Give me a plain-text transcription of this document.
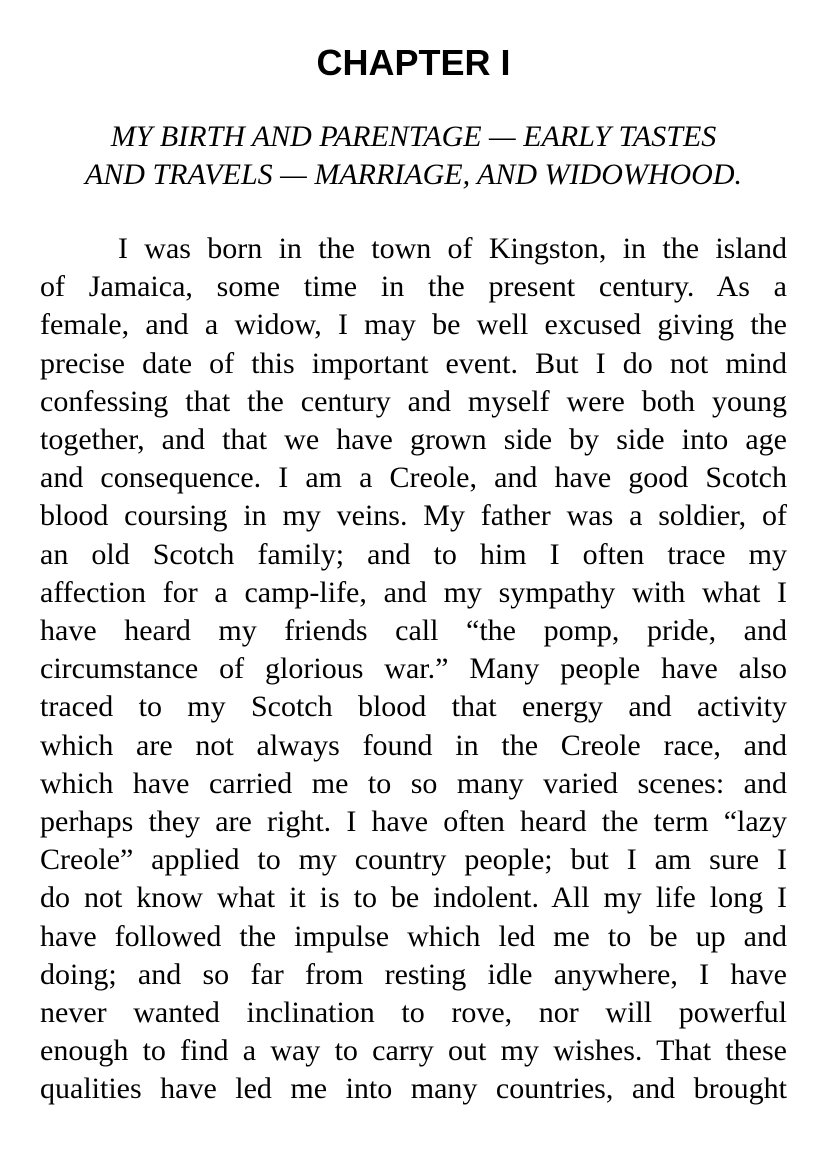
CHAPTER I

MY BIRTH AND PARENTAGE — EARLY TASTES
AND TRAVELS — MARRIAGE, AND WIDOWHOOD.

I was born in the town of Kingston, in the island
of Jamaica, some time in the present century. As a
female, and a widow, I may be well excused giving the
precise date of this important event. But I do not mind
confessing that the century and myself were both young
together, and that we have grown side by side into age
and consequence. I am a Creole, and have good Scotch
blood coursing in my veins. My father was a soldier, of
an old Scotch family; and to him I often trace my
affection for a camp-life, and my sympathy with what I
have heard my friends call “the pomp, pride, and
circumstance of glorious war.” Many people have also
traced to my Scotch blood that energy and activity
which are not always found in the Creole race, and
which have carried me to so many varied scenes: and
perhaps they are right. I have often heard the term “lazy
Creole” applied to my country people; but I am sure I
do not know what it is to be indolent. All my life long I
have followed the impulse which led me to be up and
doing; and so far from resting idle anywhere, I have
never wanted inclination to rove, nor will powerful
enough to find a way to carry out my wishes. That these
qualities have led me into many countries, and brought
